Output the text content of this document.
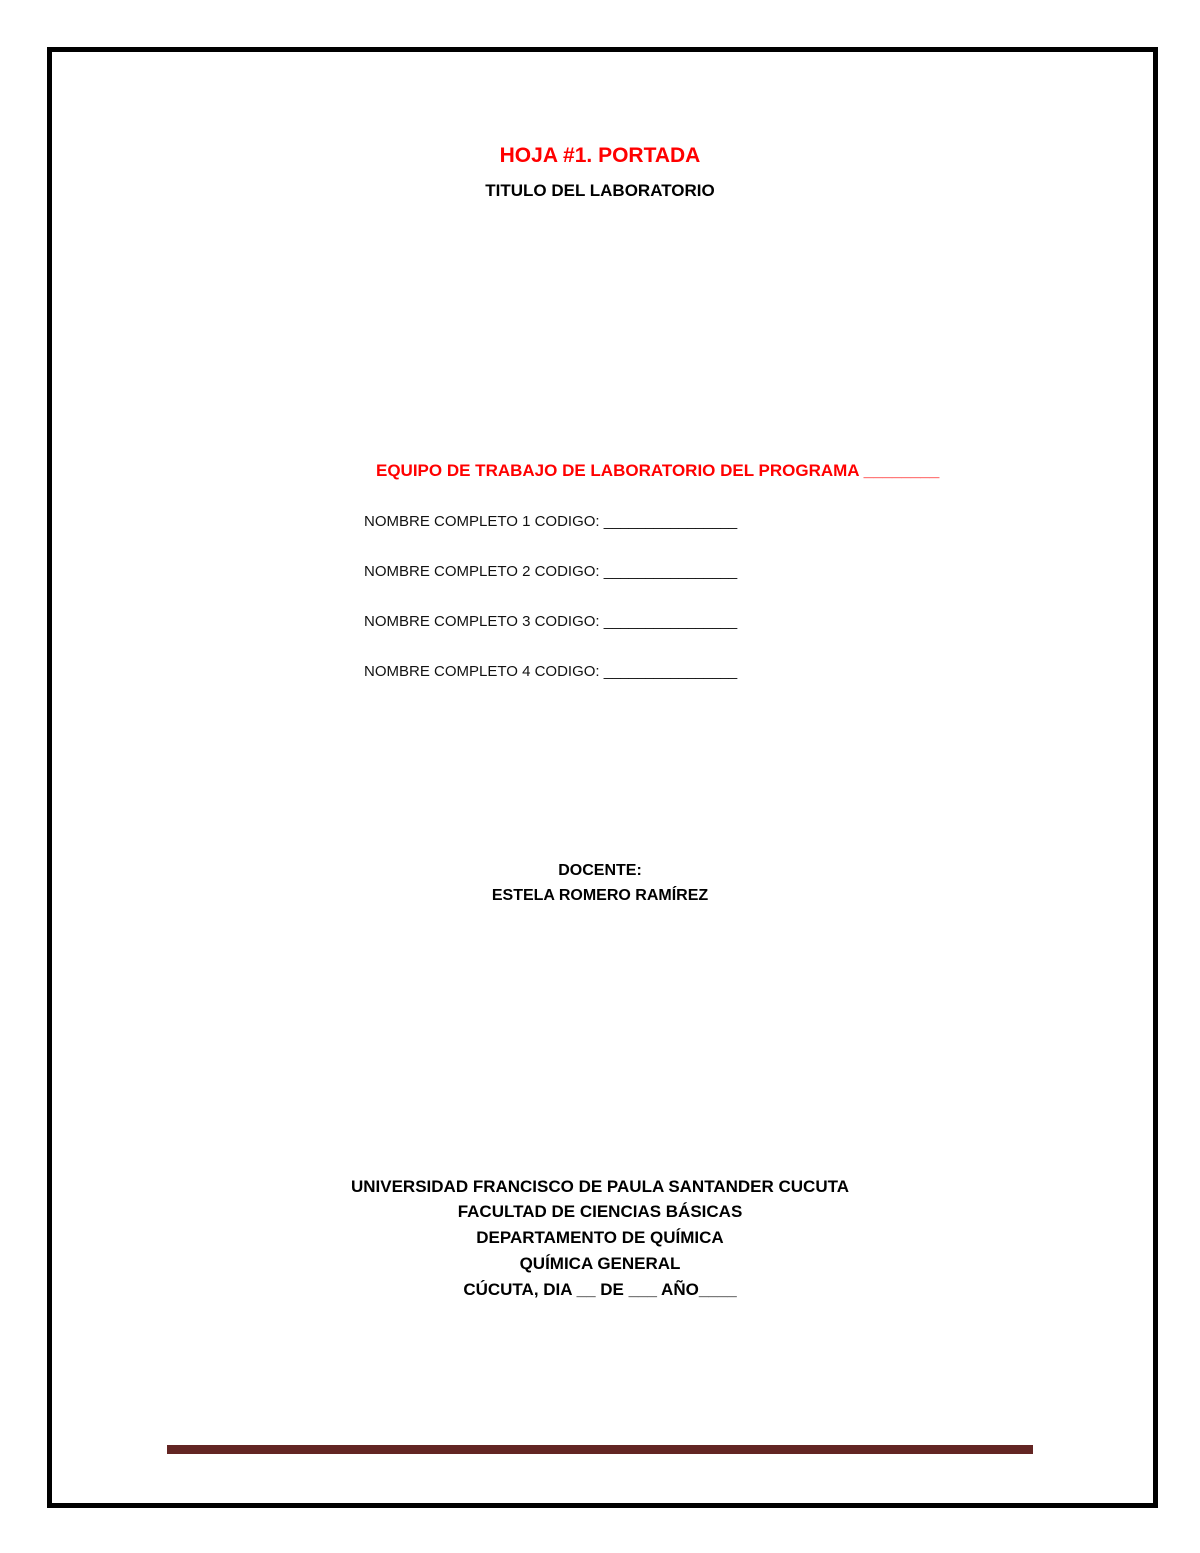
HOJA #1. PORTADA
TITULO DEL LABORATORIO
EQUIPO DE TRABAJO DE LABORATORIO DEL PROGRAMA ________
NOMBRE COMPLETO 1 CODIGO: ________________
NOMBRE COMPLETO 2 CODIGO: ________________
NOMBRE COMPLETO 3 CODIGO: ________________
NOMBRE COMPLETO 4 CODIGO: ________________
DOCENTE:
ESTELA ROMERO RAMÍREZ
UNIVERSIDAD FRANCISCO DE PAULA SANTANDER CUCUTA
FACULTAD DE CIENCIAS BÁSICAS
DEPARTAMENTO DE QUÍMICA
QUÍMICA GENERAL
CÚCUTA, DIA __ DE ___ AÑO____
